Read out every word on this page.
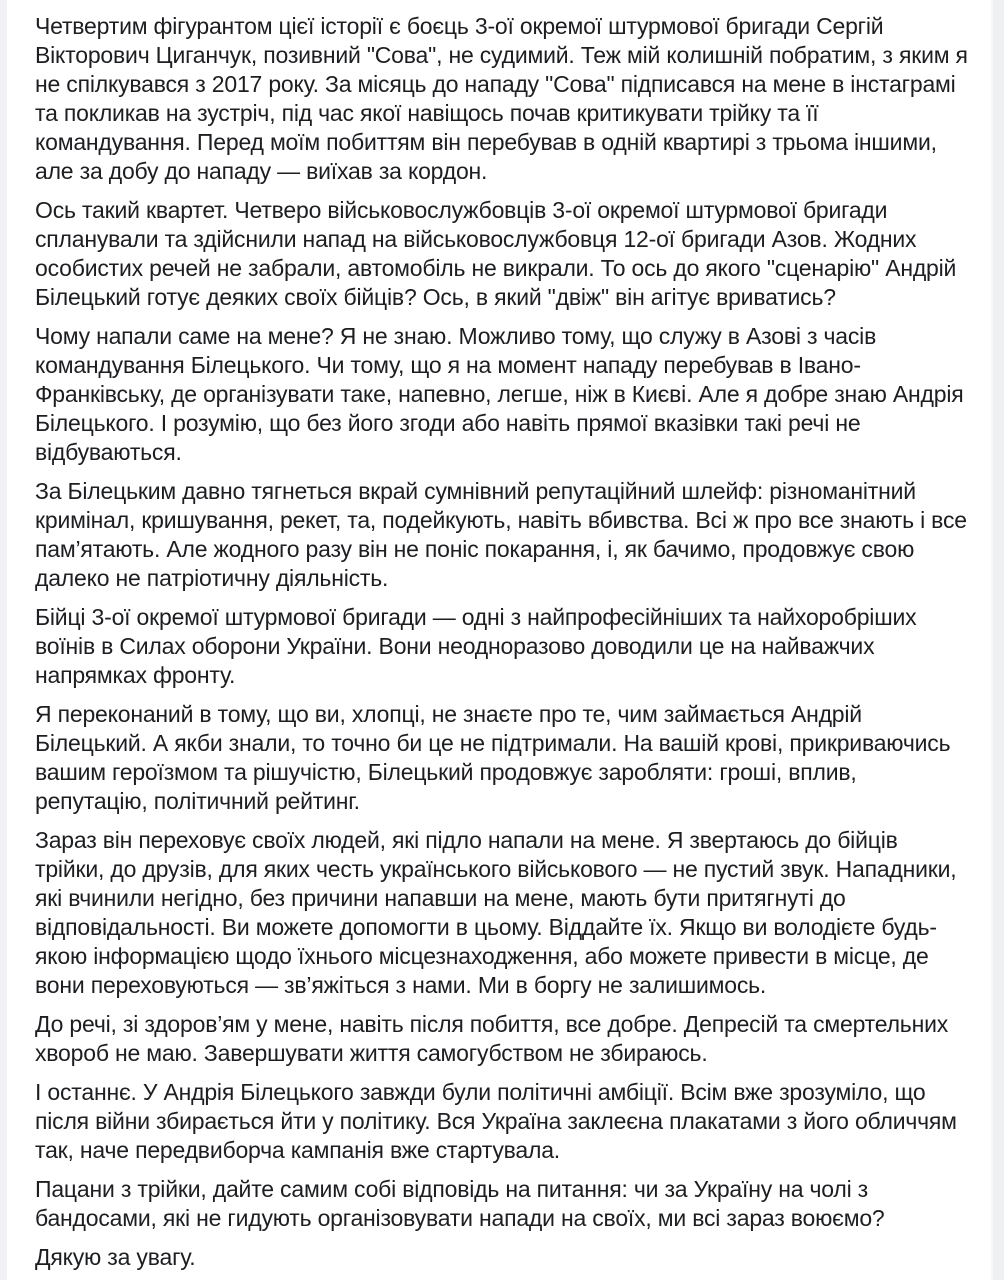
Четвертим фігурантом цієї історії є боєць 3-ої окремої штурмової бригади Сергій Вікторович Циганчук, позивний "Сова", не судимий. Теж мій колишній побратим, з яким я не спілкувався з 2017 року. За місяць до нападу "Сова" підписався на мене в інстаграмі та покликав на зустріч, під час якої навіщось почав критикувати трійку та її командування. Перед моїм побиттям він перебував в одній квартирі з трьома іншими, але за добу до нападу — виїхав за кордон.

Ось такий квартет. Четверо військовослужбовців 3-ої окремої штурмової бригади спланували та здійснили напад на військовослужбовця 12-ої бригади Азов. Жодних особистих речей не забрали, автомобіль не викрали. То ось до якого "сценарію" Андрій Білецький готує деяких своїх бійців? Ось, в який "двіж" він агітує вриватись?

Чому напали саме на мене? Я не знаю. Можливо тому, що служу в Азові з часів командування Білецького. Чи тому, що я на момент нападу перебував в Івано-Франківську, де організувати таке, напевно, легше, ніж в Києві. Але я добре знаю Андрія Білецького. І розумію, що без його згоди або навіть прямої вказівки такі речі не відбуваються.

За Білецьким давно тягнеться вкрай сумнівний репутаційний шлейф: різноманітний кримінал, кришування, рекет, та, подейкують, навіть вбивства. Всі ж про все знають і все пам’ятають. Але жодного разу він не поніс покарання, і, як бачимо, продовжує свою далеко не патріотичну діяльність.

Бійці 3-ої окремої штурмової бригади — одні з найпрофесійніших та найхоробріших воїнів в Силах оборони України. Вони неодноразово доводили це на найважчих напрямках фронту.

Я переконаний в тому, що ви, хлопці, не знаєте про те, чим займається Андрій Білецький. А якби знали, то точно би це не підтримали. На вашій крові, прикриваючись вашим героїзмом та рішучістю, Білецький продовжує заробляти: гроші, вплив, репутацію, політичний рейтинг.

Зараз він переховує своїх людей, які підло напали на мене. Я звертаюсь до бійців трійки, до друзів, для яких честь українського військового — не пустий звук. Нападники, які вчинили негідно, без причини напавши на мене, мають бути притягнуті до відповідальності. Ви можете допомогти в цьому. Віддайте їх. Якщо ви володієте будь-якою інформацією щодо їхнього місцезнаходження, або можете привести в місце, де вони переховуються — зв’яжіться з нами. Ми в боргу не залишимось.

До речі, зі здоров’ям у мене, навіть після побиття, все добре. Депресій та смертельних хвороб не маю. Завершувати життя самогубством не збираюсь.

І останнє. У Андрія Білецького завжди були політичні амбіції. Всім вже зрозуміло, що після війни збирається йти у політику. Вся Україна заклеєна плакатами з його обличчям так, наче передвиборча кампанія вже стартувала.

Пацани з трійки, дайте самим собі відповідь на питання: чи за Україну на чолі з бандосами, які не гидують організовувати напади на своїх, ми всі зараз воюємо?

Дякую за увагу.
